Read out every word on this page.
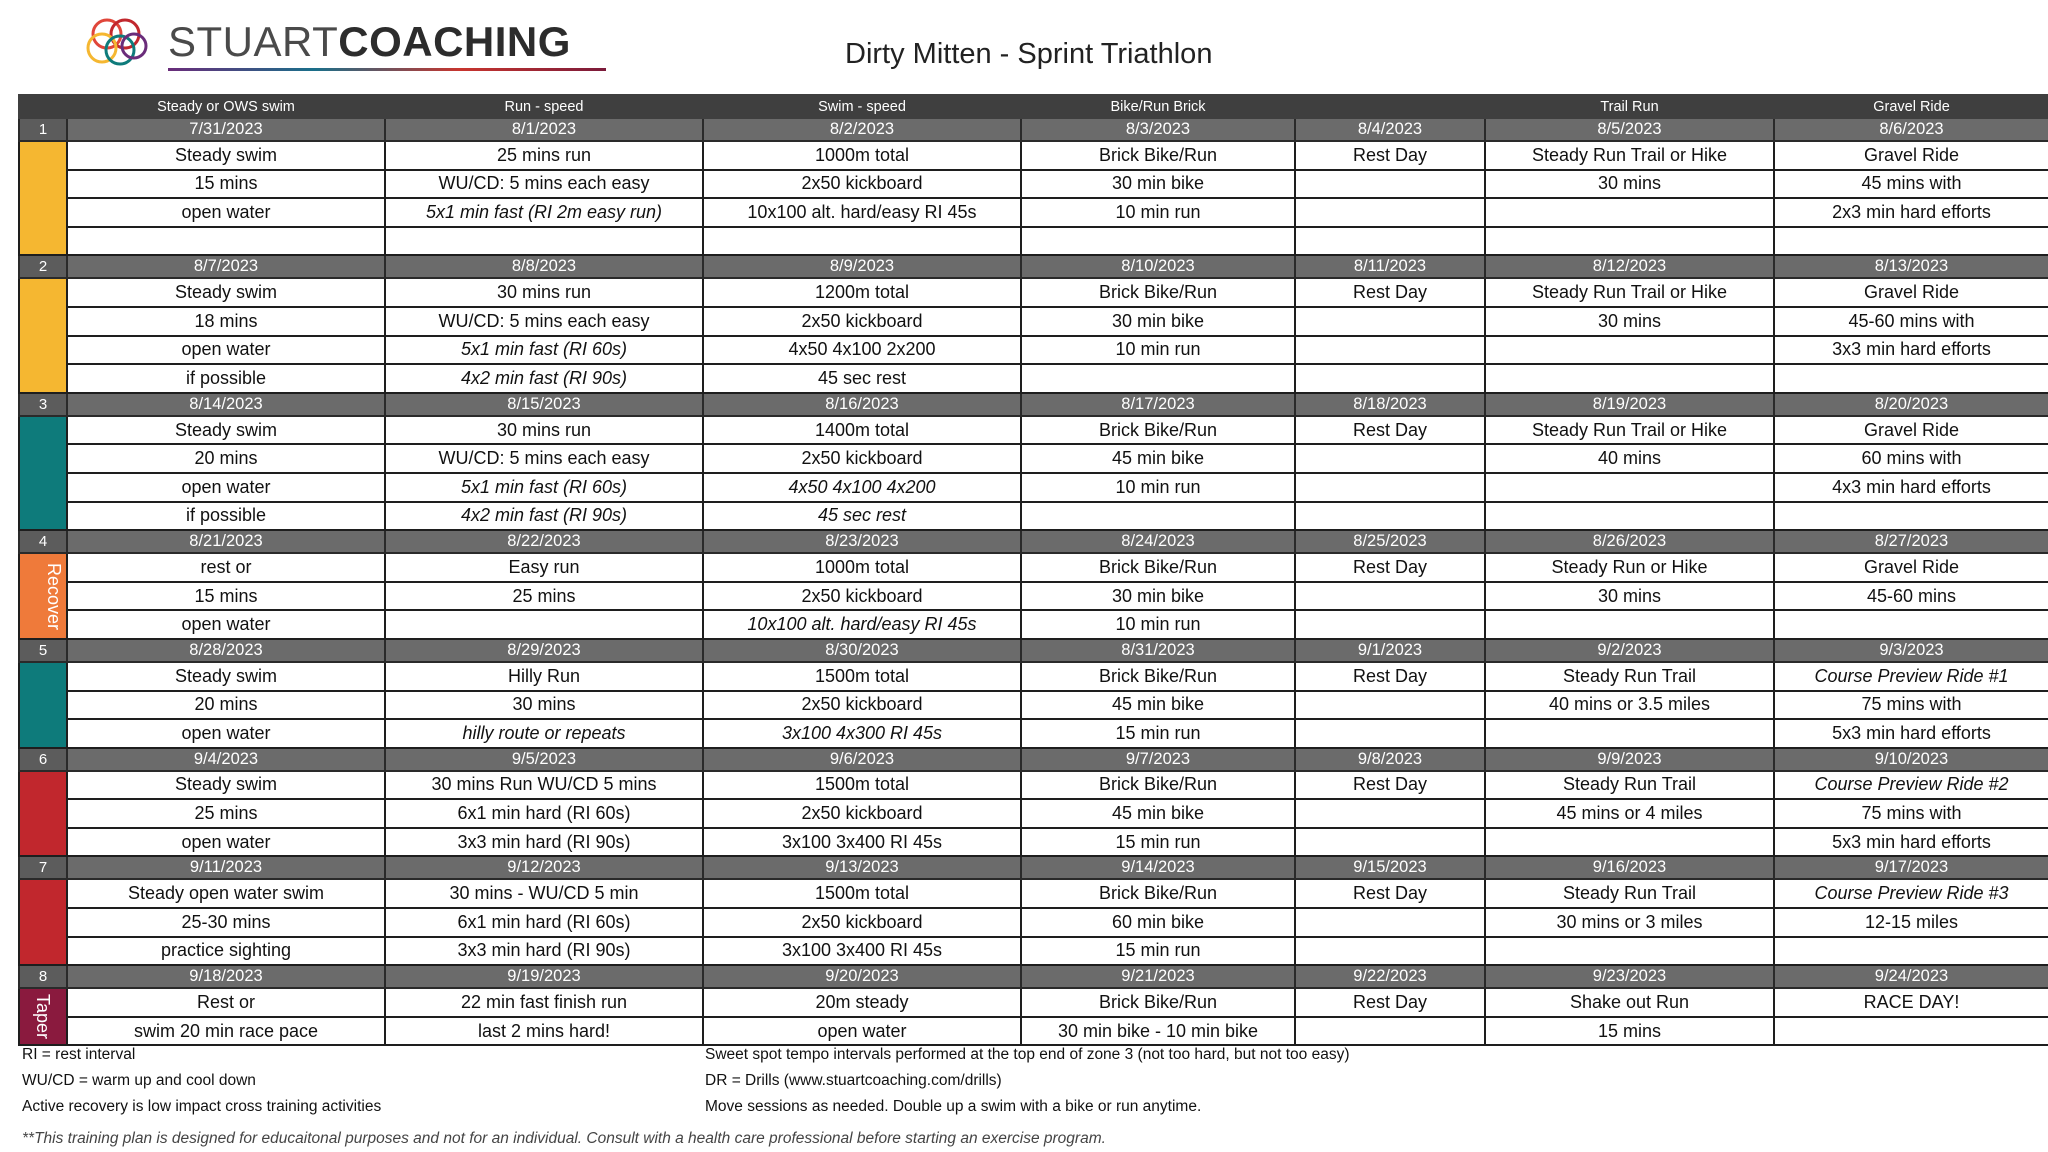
STUARTCOACHING	Dirty Mitten - Sprint Triathlon
	Steady or OWS swim	Run - speed	Swim - speed	Bike/Run Brick		Trail Run	Gravel Ride
1	7/31/2023	8/1/2023	8/2/2023	8/3/2023	8/4/2023	8/5/2023	8/6/2023
	Steady swim	25 mins run	1000m total	Brick Bike/Run	Rest Day	Steady Run Trail or Hike	Gravel Ride
	15 mins	WU/CD: 5 mins each easy	2x50 kickboard	30 min bike		30 mins	45 mins with
	open water	5x1 min fast (RI 2m easy run)	10x100 alt. hard/easy RI 45s	10 min run			2x3 min hard efforts

2	8/7/2023	8/8/2023	8/9/2023	8/10/2023	8/11/2023	8/12/2023	8/13/2023
	Steady swim	30 mins run	1200m total	Brick Bike/Run	Rest Day	Steady Run Trail or Hike	Gravel Ride
	18 mins	WU/CD: 5 mins each easy	2x50 kickboard	30 min bike		30 mins	45-60 mins with
	open water	5x1 min fast (RI 60s)	4x50 4x100 2x200	10 min run			3x3 min hard efforts
	if possible	4x2 min fast (RI 90s)	45 sec rest				
3	8/14/2023	8/15/2023	8/16/2023	8/17/2023	8/18/2023	8/19/2023	8/20/2023
	Steady swim	30 mins run	1400m total	Brick Bike/Run	Rest Day	Steady Run Trail or Hike	Gravel Ride
	20 mins	WU/CD: 5 mins each easy	2x50 kickboard	45 min bike		40 mins	60 mins with
	open water	5x1 min fast (RI 60s)	4x50 4x100 4x200	10 min run			4x3 min hard efforts
	if possible	4x2 min fast (RI 90s)	45 sec rest				
4	8/21/2023	8/22/2023	8/23/2023	8/24/2023	8/25/2023	8/26/2023	8/27/2023
Recover	rest or	Easy run	1000m total	Brick Bike/Run	Rest Day	Steady Run or Hike	Gravel Ride
	15 mins	25 mins	2x50 kickboard	30 min bike		30 mins	45-60 mins
	open water		10x100 alt. hard/easy RI 45s	10 min run			
5	8/28/2023	8/29/2023	8/30/2023	8/31/2023	9/1/2023	9/2/2023	9/3/2023
	Steady swim	Hilly Run	1500m total	Brick Bike/Run	Rest Day	Steady Run Trail	Course Preview Ride #1
	20 mins	30 mins	2x50 kickboard	45 min bike		40 mins or 3.5 miles	75 mins with
	open water	hilly route or repeats	3x100 4x300 RI 45s	15 min run			5x3 min hard efforts
6	9/4/2023	9/5/2023	9/6/2023	9/7/2023	9/8/2023	9/9/2023	9/10/2023
	Steady swim	30 mins Run WU/CD 5 mins	1500m total	Brick Bike/Run	Rest Day	Steady Run Trail	Course Preview Ride #2
	25 mins	6x1 min hard (RI 60s)	2x50 kickboard	45 min bike		45 mins or 4 miles	75 mins with
	open water	3x3 min hard (RI 90s)	3x100 3x400 RI 45s	15 min run			5x3 min hard efforts
7	9/11/2023	9/12/2023	9/13/2023	9/14/2023	9/15/2023	9/16/2023	9/17/2023
	Steady open water swim	30 mins - WU/CD 5 min	1500m total	Brick Bike/Run	Rest Day	Steady Run Trail	Course Preview Ride #3
	25-30 mins	6x1 min hard (RI 60s)	2x50 kickboard	60 min bike		30 mins or 3 miles	12-15 miles
	practice sighting	3x3 min hard (RI 90s)	3x100 3x400 RI 45s	15 min run			
8	9/18/2023	9/19/2023	9/20/2023	9/21/2023	9/22/2023	9/23/2023	9/24/2023
Taper	Rest or	22 min fast finish run	20m steady	Brick Bike/Run	Rest Day	Shake out Run	RACE DAY!
	swim 20 min race pace	last 2 mins hard!	open water	30 min bike - 10 min bike		15 mins	
RI = rest interval
WU/CD = warm up and cool down
Active recovery is low impact cross training activities
Sweet spot tempo intervals performed at the top end of zone 3 (not too hard, but not too easy)
DR = Drills (www.stuartcoaching.com/drills)
Move sessions as needed. Double up a swim with a bike or run anytime.
**This training plan is designed for educaitonal purposes and not for an individual. Consult with a health care professional before starting an exercise program.
